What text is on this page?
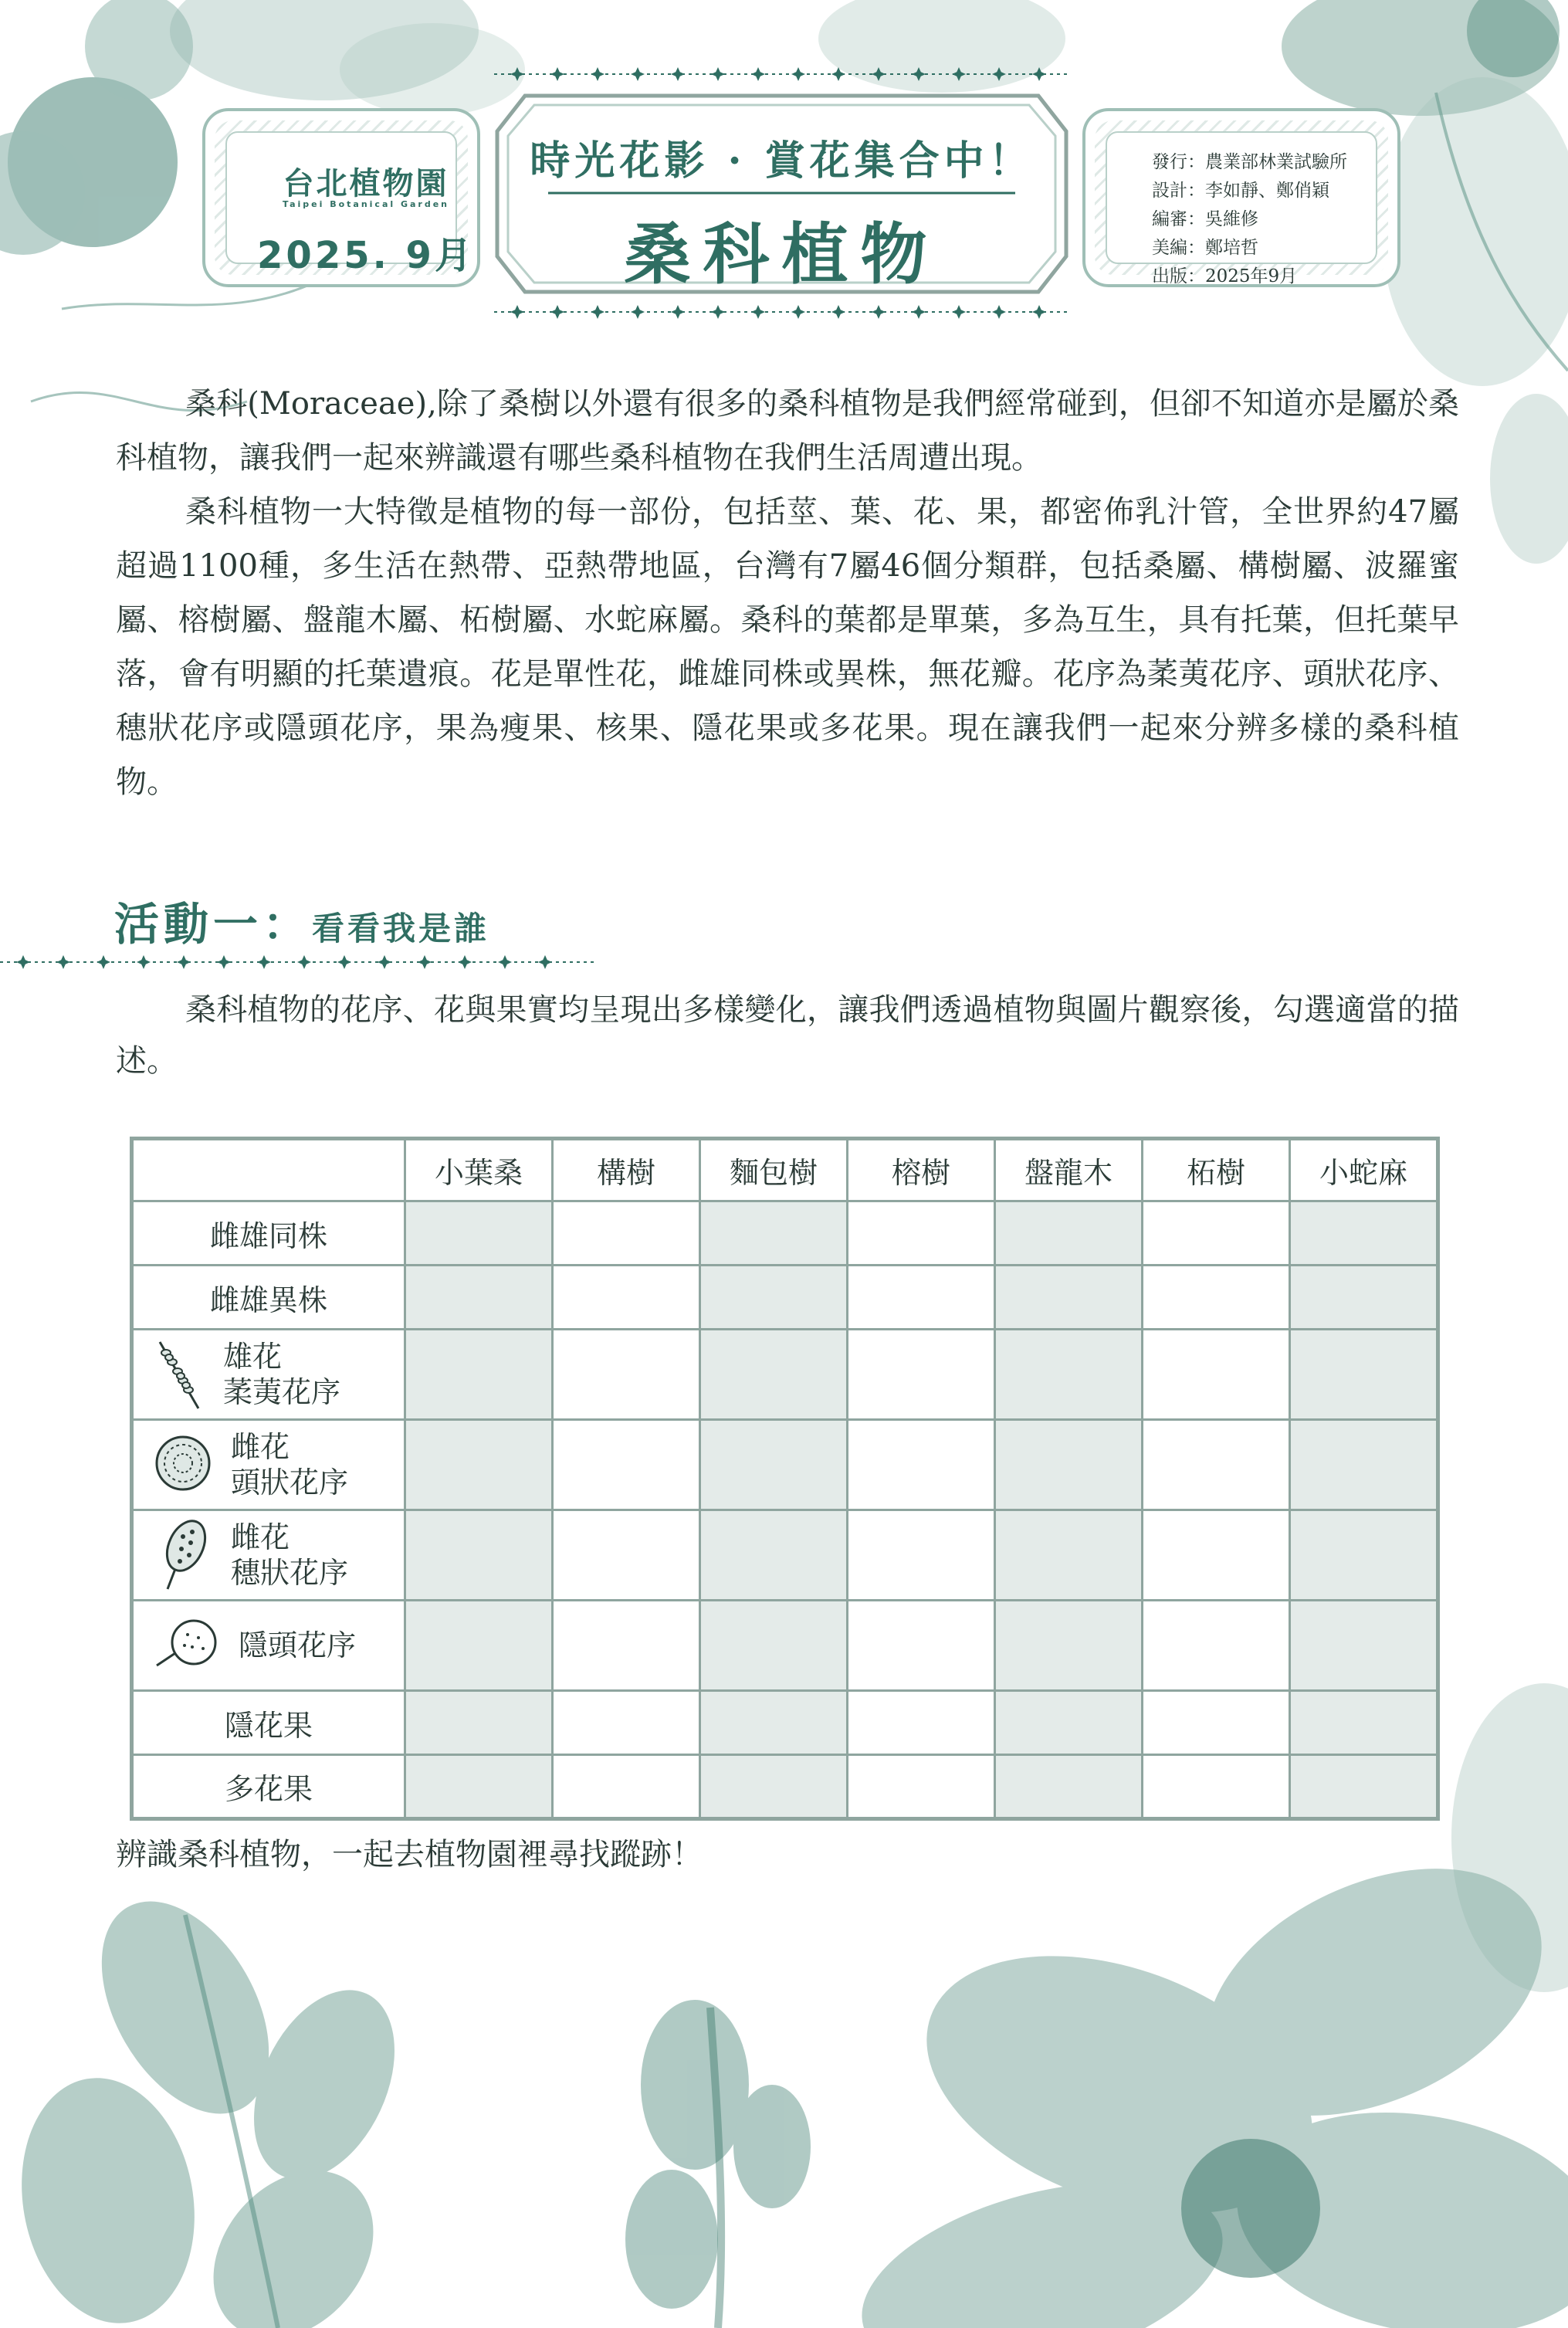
台北植物園
Taipei Botanical Garden
2025. 9月
時光花影 · 賞花集合中！
桑科植物
發行：農業部林業試驗所
設計：李如靜、鄭俏穎
編審：吳維修
美編：鄭培哲
出版：2025年9月

桑科(Moraceae),除了桑樹以外還有很多的桑科植物是我們經常碰到，但卻不知道亦是屬於桑科植物，讓我們一起來辨識還有哪些桑科植物在我們生活周遭出現。

桑科植物一大特徵是植物的每一部份，包括莖、葉、花、果，都密佈乳汁管，全世界約47屬超過1100種，多生活在熱帶、亞熱帶地區，台灣有7屬46個分類群，包括桑屬、構樹屬、波羅蜜屬、榕樹屬、盤龍木屬、柘樹屬、水蛇麻屬。桑科的葉都是單葉，多為互生，具有托葉，但托葉早落，會有明顯的托葉遺痕。花是單性花，雌雄同株或異株，無花瓣。花序為葇荑花序、頭狀花序、穗狀花序或隱頭花序，果為瘦果、核果、隱花果或多花果。現在讓我們一起來分辨多樣的桑科植物。

活動一：看看我是誰

桑科植物的花序、花與果實均呈現出多樣變化，讓我們透過植物與圖片觀察後，勾選適當的描述。

	小葉桑	構樹	麵包樹	榕樹	盤龍木	柘樹	小蛇麻

雌雄同株							

雌雄異株							

雄花
葇荑花序							

雌花
頭狀花序							

雌花
穗狀花序							

隱頭花序							

隱花果							

多花果							

辨識桑科植物，一起去植物園裡尋找蹤跡！
